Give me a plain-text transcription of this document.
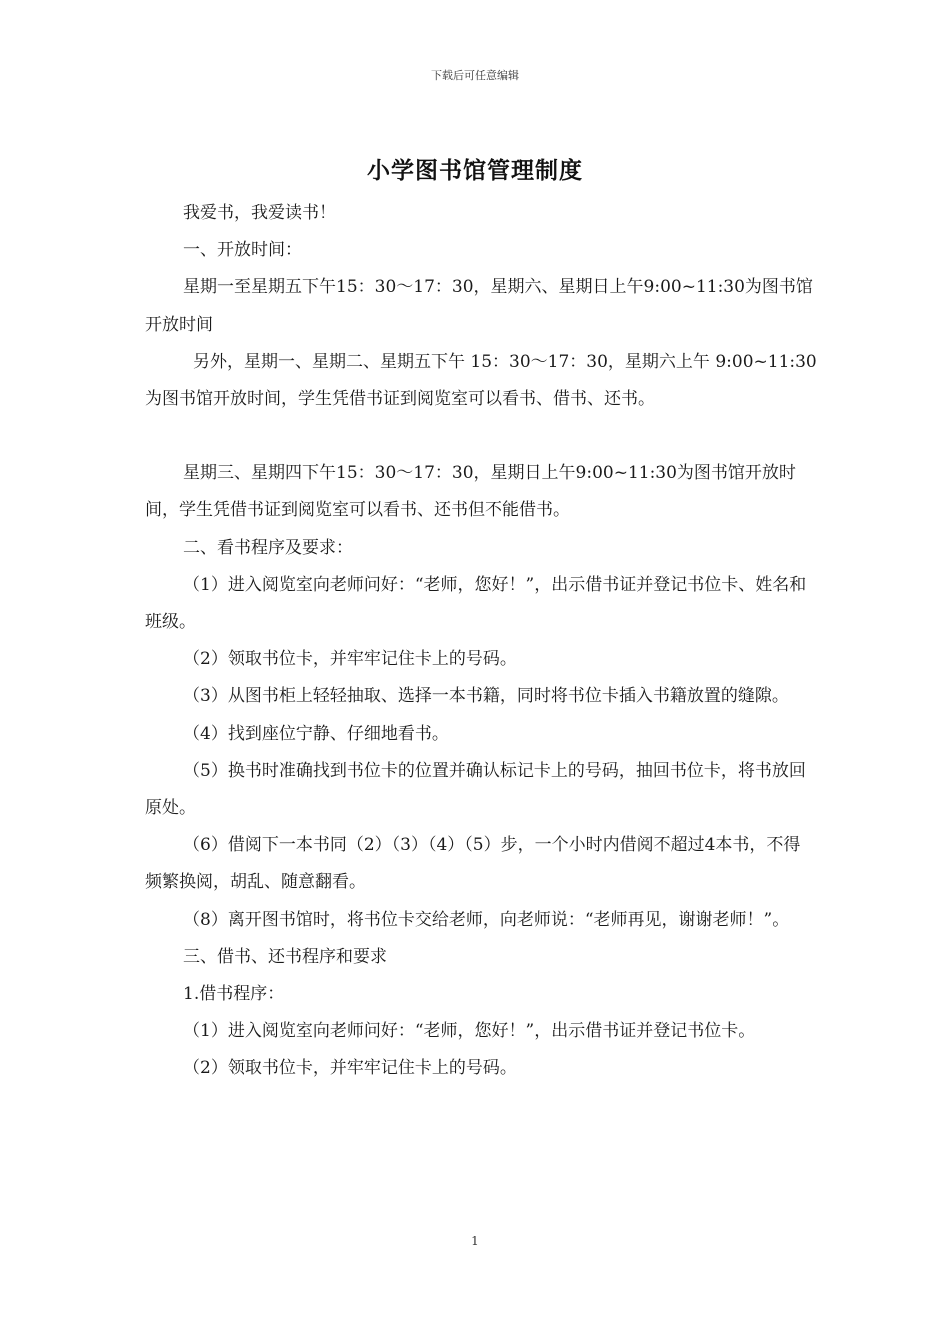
下载后可任意编辑
小学图书馆管理制度

我爱书，我爱读书！

一、开放时间：

星期一至星期五下午15：30～17：30，星期六、星期日上午9:00~11:30为图书馆开放时间

另外，星期一、星期二、星期五下午 15：30～17：30，星期六上午 9:00~11:30为图书馆开放时间，学生凭借书证到阅览室可以看书、借书、还书。

星期三、星期四下午15：30～17：30，星期日上午9:00~11:30为图书馆开放时间，学生凭借书证到阅览室可以看书、还书但不能借书。

二、看书程序及要求：

（1）进入阅览室向老师问好：“老师，您好！”，出示借书证并登记书位卡、姓名和班级。

（2）领取书位卡，并牢牢记住卡上的号码。

（3）从图书柜上轻轻抽取、选择一本书籍，同时将书位卡插入书籍放置的缝隙。

（4）找到座位宁静、仔细地看书。

（5）换书时准确找到书位卡的位置并确认标记卡上的号码，抽回书位卡，将书放回原处。

（6）借阅下一本书同（2）（3）（4）（5）步，一个小时内借阅不超过4本书，不得频繁换阅，胡乱、随意翻看。

（8）离开图书馆时，将书位卡交给老师，向老师说：“老师再见，谢谢老师！”。

三、借书、还书程序和要求

1.借书程序：

（1）进入阅览室向老师问好：“老师，您好！”，出示借书证并登记书位卡。

（2）领取书位卡，并牢牢记住卡上的号码。

1
